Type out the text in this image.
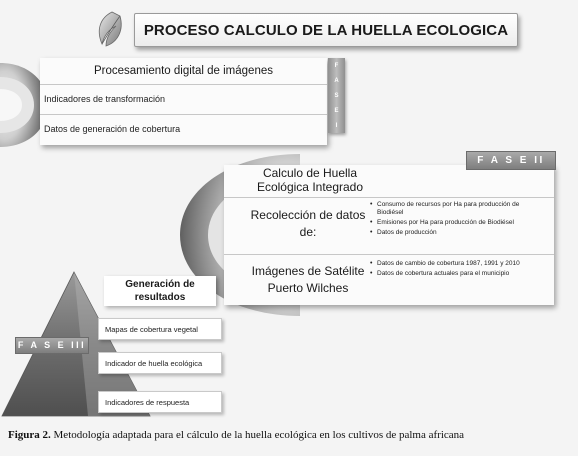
PROCESO CALCULO DE LA HUELLA ECOLOGICA
Procesamiento digital de imágenes
Indicadores de transformación
Datos de generación de cobertura
F
A
S
E
I
F A S E II
Calculo de Huella Ecológica Integrado
Recolección de datos de:
• Consumo de recursos por Ha para producción de Biodiésel
• Emisiones por Ha para producción de Biodiésel
• Datos de producción
Imágenes de Satélite Puerto Wilches
• Datos de cambio de cobertura 1987, 1991 y 2010
• Datos de cobertura actuales para el municipio
F A S E III
Generación de resultados
Mapas de cobertura vegetal
Indicador de huella ecológica
Indicadores de respuesta
Figura 2. Metodología adaptada para el cálculo de la huella ecológica en los cultivos de palma africana
